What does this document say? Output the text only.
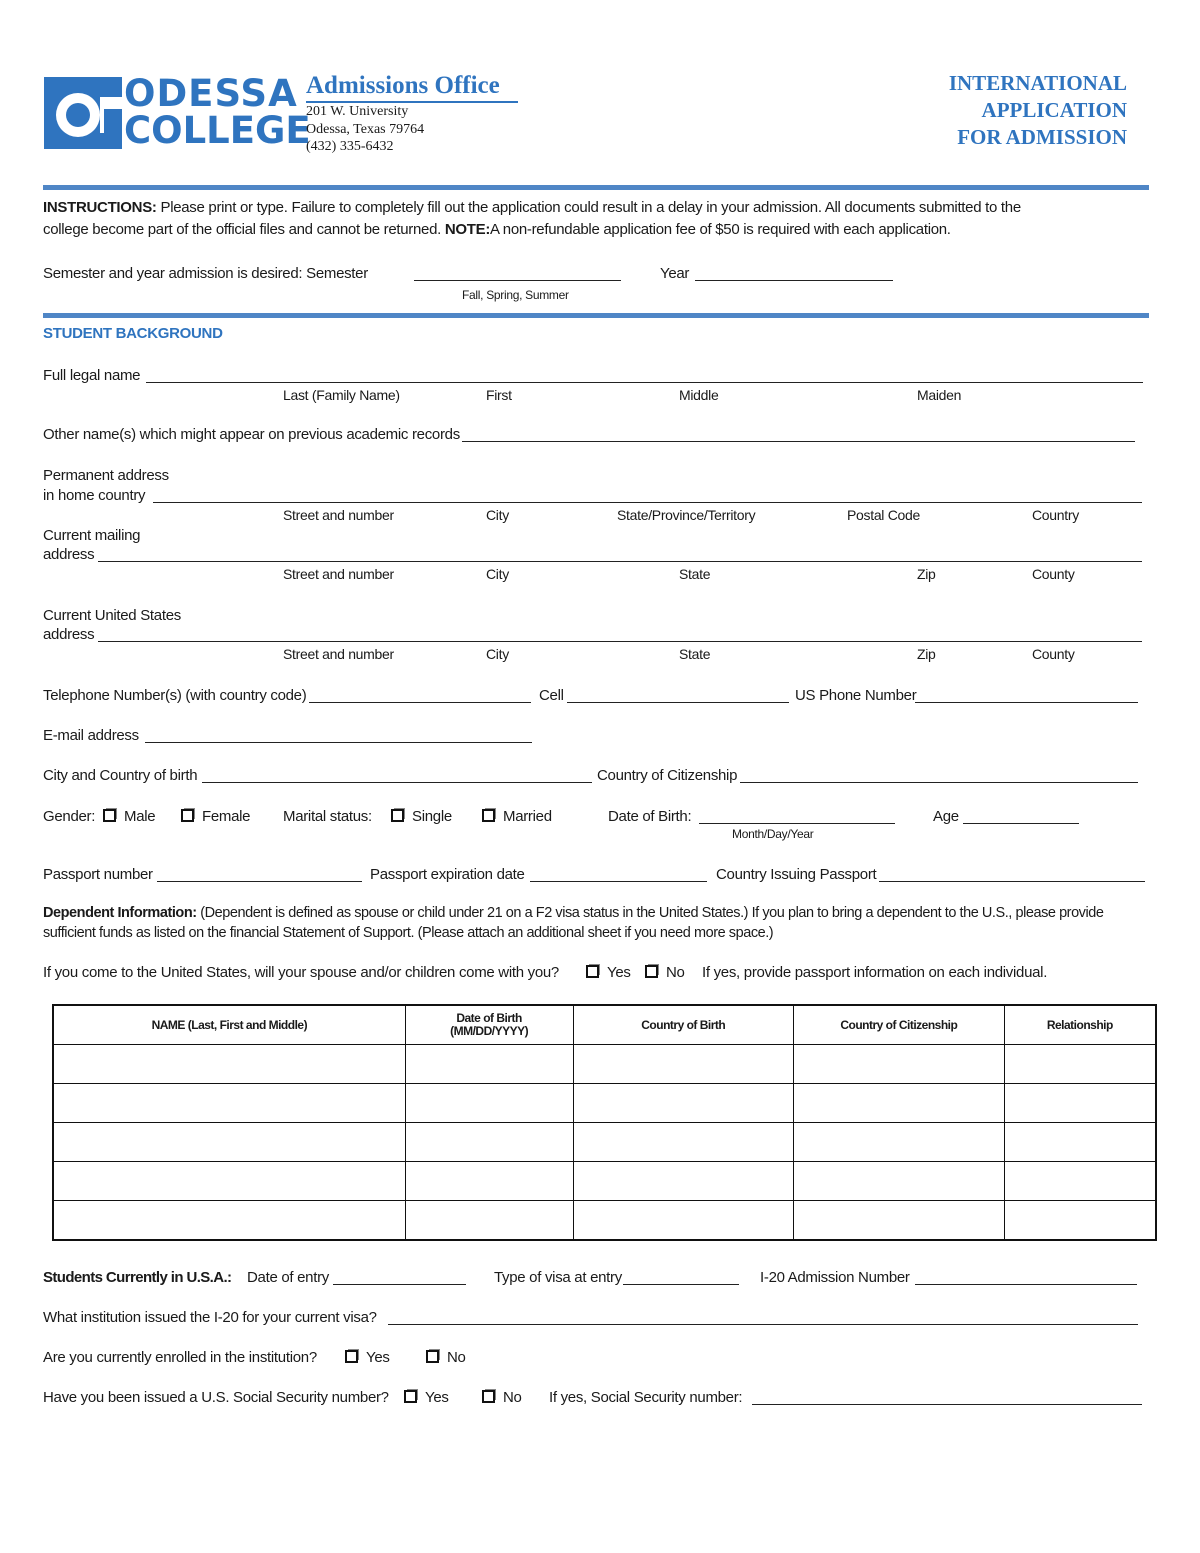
ODESSA
COLLEGE
Admissions Office
201 W. University
Odessa, Texas 79764
(432) 335-6432
INTERNATIONAL
APPLICATION
FOR ADMISSION
INSTRUCTIONS: Please print or type. Failure to completely fill out the application could result in a delay in your admission. All documents submitted to the
college become part of the official files and cannot be returned. NOTE:A non-refundable application fee of $50 is required with each application.
Semester and year admission is desired: Semester
Fall, Spring, Summer
Year
STUDENT BACKGROUND
Full legal name
Last (Family Name)	First	Middle	Maiden
Other name(s) which might appear on previous academic records
Permanent address
in home country
Street and number	City	State/Province/Territory	Postal Code	Country
Current mailing
address
Street and number	City	State	Zip	County
Current United States
address
Street and number	City	State	Zip	County
Telephone Number(s) (with country code)	Cell	US Phone Number
E-mail address
City and Country of birth	Country of Citizenship
Gender:	Male	Female Marital status:	Single	Married	Date of Birth:
Month/Day/Year
Age
Passport number	Passport expiration date	Country Issuing Passport
Dependent Information: (Dependent is defined as spouse or child under 21 on a F2 visa status in the United States.) If you plan to bring a dependent to the U.S., please provide
sufficient funds as listed on the financial Statement of Support. (Please attach an additional sheet if you need more space.)
If you come to the United States, will your spouse and/or children come with you?	Yes	No If yes, provide passport information on each individual.
NAME (Last, First and Middle)	Date of Birth (MM/DD/YYYY)	Country of Birth	Country of Citizenship	Relationship

Students Currently in U.S.A.: Date of entry	Type of visa at entry	I-20 Admission Number
What institution issued the I-20 for your current visa?
Are you currently enrolled in the institution?	Yes	No
Have you been issued a U.S. Social Security number?	Yes	No If yes, Social Security number:
